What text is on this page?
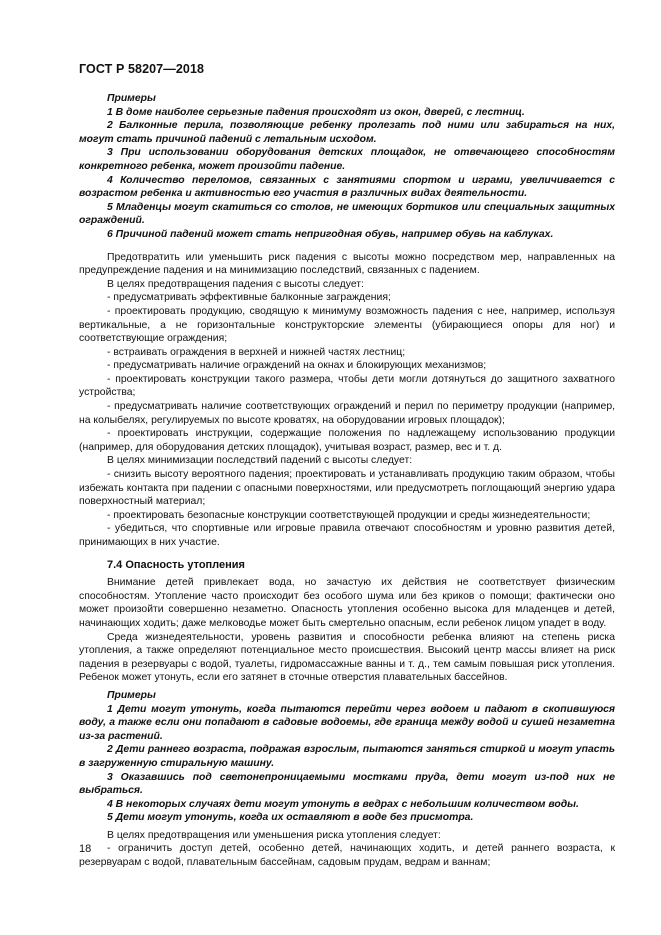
ГОСТ Р 58207—2018

Примеры

1 В доме наиболее серьезные падения происходят из окон, дверей, с лестниц.

2 Балконные перила, позволяющие ребенку пролезать под ними или забираться на них, могут стать причиной падений с летальным исходом.

3 При использовании оборудования детских площадок, не отвечающего способностям конкретного ребенка, может произойти падение.

4 Количество переломов, связанных с занятиями спортом и играми, увеличивается с возрастом ребенка и активностью его участия в различных видах деятельности.

5 Младенцы могут скатиться со столов, не имеющих бортиков или специальных защитных ограждений.

6 Причиной падений может стать непригодная обувь, например обувь на каблуках.

Предотвратить или уменьшить риск падения с высоты можно посредством мер, направленных на предупреждение падения и на минимизацию последствий, связанных с падением.

В целях предотвращения падения с высоты следует:

- предусматривать эффективные балконные заграждения;

- проектировать продукцию, сводящую к минимуму возможность падения с нее, например, используя вертикальные, а не горизонтальные конструкторские элементы (убирающиеся опоры для ног) и соответствующие ограждения;

- встраивать ограждения в верхней и нижней частях лестниц;

- предусматривать наличие ограждений на окнах и блокирующих механизмов;

- проектировать конструкции такого размера, чтобы дети могли дотянуться до защитного захватного устройства;

- предусматривать наличие соответствующих ограждений и перил по периметру продукции (например, на колыбелях, регулируемых по высоте кроватях, на оборудовании игровых площадок);

- проектировать инструкции, содержащие положения по надлежащему использованию продукции (например, для оборудования детских площадок), учитывая возраст, размер, вес и т. д.

В целях минимизации последствий падений с высоты следует:

- снизить высоту вероятного падения; проектировать и устанавливать продукцию таким образом, чтобы избежать контакта при падении с опасными поверхностями, или предусмотреть поглощающий энергию удара поверхностный материал;

- проектировать безопасные конструкции соответствующей продукции и среды жизнедеятельности;

- убедиться, что спортивные или игровые правила отвечают способностям и уровню развития детей, принимающих в них участие.

7.4 Опасность утопления

Внимание детей привлекает вода, но зачастую их действия не соответствует физическим способностям. Утопление часто происходит без особого шума или без криков о помощи; фактически оно может произойти совершенно незаметно. Опасность утопления особенно высока для младенцев и детей, начинающих ходить; даже мелководье может быть смертельно опасным, если ребенок лицом упадет в воду.

Среда жизнедеятельности, уровень развития и способности ребенка влияют на степень риска утопления, а также определяют потенциальное место происшествия. Высокий центр массы влияет на риск падения в резервуары с водой, туалеты, гидромассажные ванны и т. д., тем самым повышая риск утопления. Ребенок может утонуть, если его затянет в сточные отверстия плавательных бассейнов.

Примеры

1 Дети могут утонуть, когда пытаются перейти через водоем и падают в скопившуюся воду, а также если они попадают в садовые водоемы, где граница между водой и сушей незаметна из-за растений.

2 Дети раннего возраста, подражая взрослым, пытаются заняться стиркой и могут упасть в загруженную стиральную машину.

3 Оказавшись под светонепроницаемыми мостками пруда, дети могут из-под них не выбраться.

4 В некоторых случаях дети могут утонуть в ведрах с небольшим количеством воды.

5 Дети могут утонуть, когда их оставляют в воде без присмотра.

В целях предотвращения или уменьшения риска утопления следует:

- ограничить доступ детей, особенно детей, начинающих ходить, и детей раннего возраста, к резервуарам с водой, плавательным бассейнам, садовым прудам, ведрам и ваннам;

18
